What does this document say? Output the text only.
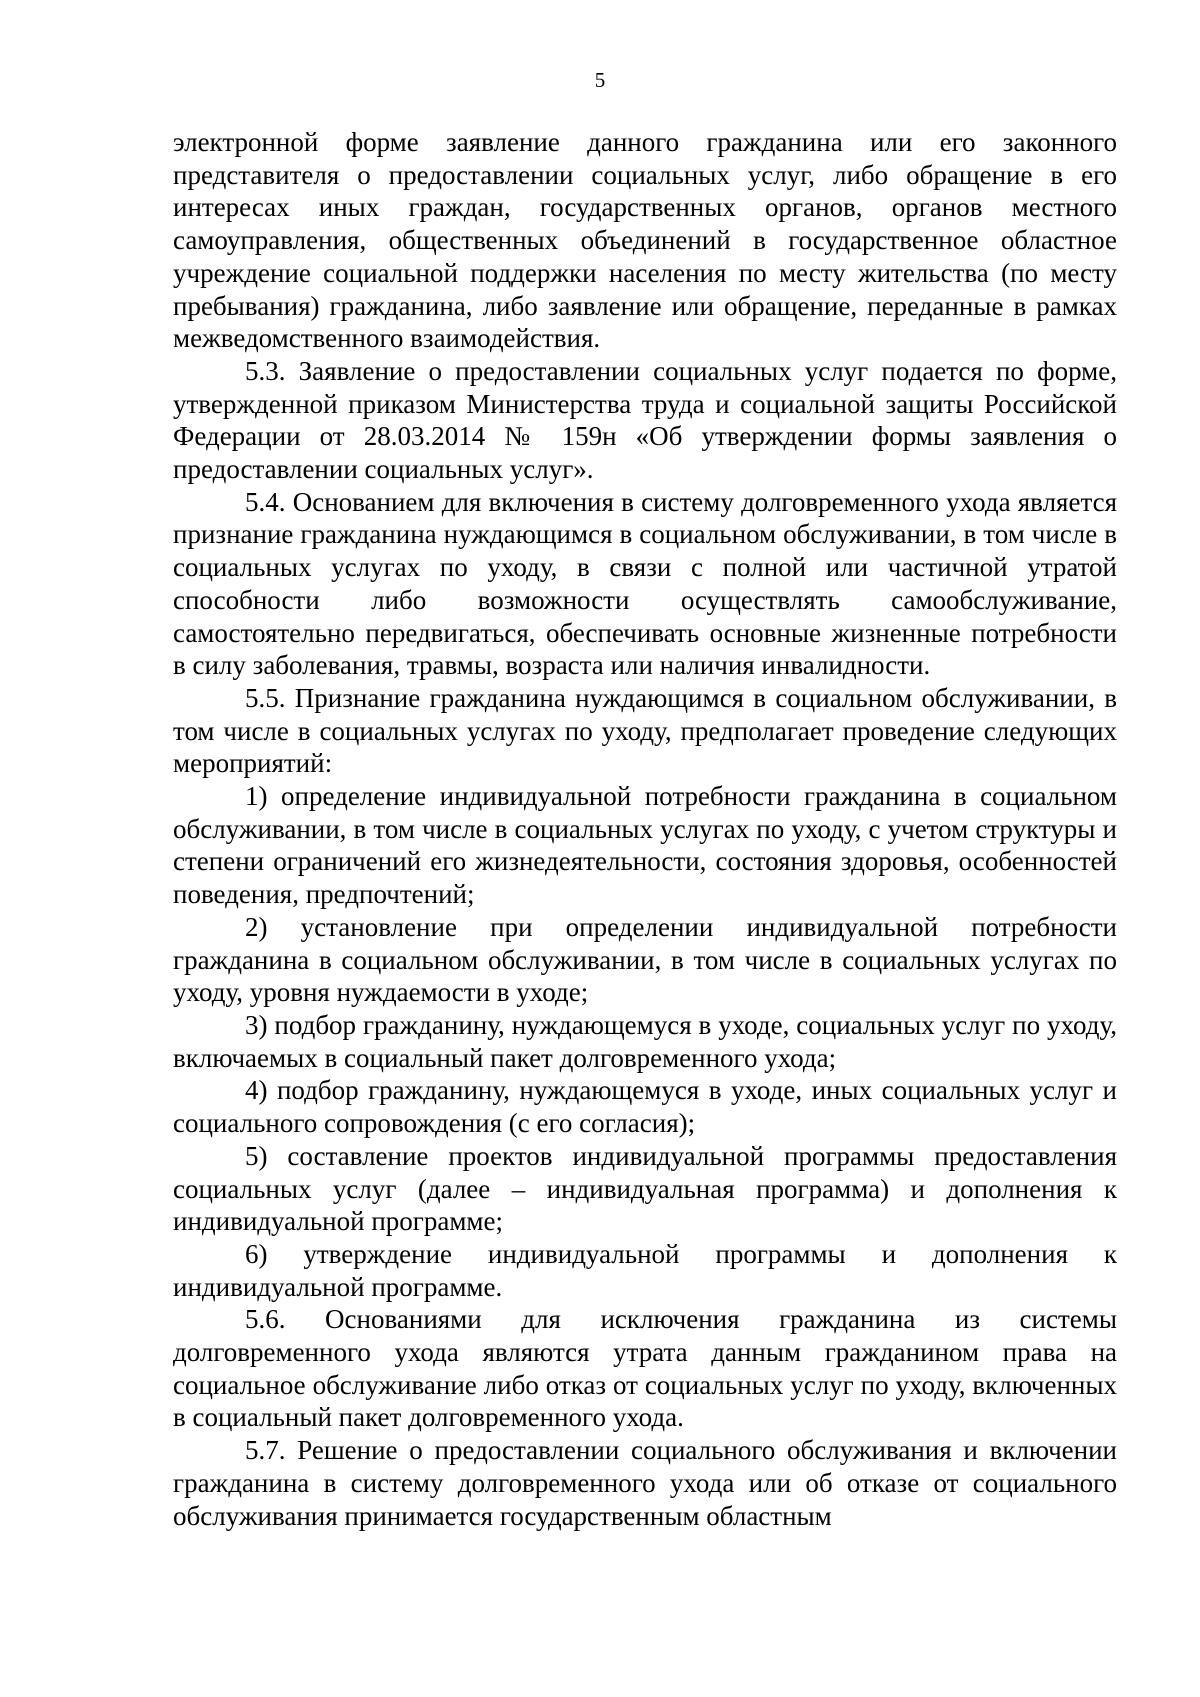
5

электронной форме заявление данного гражданина или его законного представителя о предоставлении социальных услуг, либо обращение в его интересах иных граждан, государственных органов, органов местного самоуправления, общественных объединений в государственное областное учреждение социальной поддержки населения по месту жительства (по месту пребывания) гражданина, либо заявление или обращение, переданные в рамках межведомственного взаимодействия.

5.3. Заявление о предоставлении социальных услуг подается по форме, утвержденной приказом Министерства труда и социальной защиты Российской Федерации от 28.03.2014 № 159н «Об утверждении формы заявления о предоставлении социальных услуг».

5.4. Основанием для включения в систему долговременного ухода является признание гражданина нуждающимся в социальном обслуживании, в том числе в социальных услугах по уходу, в связи с полной или частичной утратой способности либо возможности осуществлять самообслуживание, самостоятельно передвигаться, обеспечивать основные жизненные потребности в силу заболевания, травмы, возраста или наличия инвалидности.

5.5. Признание гражданина нуждающимся в социальном обслуживании, в том числе в социальных услугах по уходу, предполагает проведение следующих мероприятий:

1) определение индивидуальной потребности гражданина в социальном обслуживании, в том числе в социальных услугах по уходу, с учетом структуры и степени ограничений его жизнедеятельности, состояния здоровья, особенностей поведения, предпочтений;

2) установление при определении индивидуальной потребности гражданина в социальном обслуживании, в том числе в социальных услугах по уходу, уровня нуждаемости в уходе;

3) подбор гражданину, нуждающемуся в уходе, социальных услуг по уходу, включаемых в социальный пакет долговременного ухода;

4) подбор гражданину, нуждающемуся в уходе, иных социальных услуг и социального сопровождения (с его согласия);

5) составление проектов индивидуальной программы предоставления социальных услуг (далее – индивидуальная программа) и дополнения к индивидуальной программе;

6) утверждение индивидуальной программы и дополнения к индивидуальной программе.

5.6. Основаниями для исключения гражданина из системы долговременного ухода являются утрата данным гражданином права на социальное обслуживание либо отказ от социальных услуг по уходу, включенных в социальный пакет долговременного ухода.

5.7. Решение о предоставлении социального обслуживания и включении гражданина в систему долговременного ухода или об отказе от социального обслуживания принимается государственным областным
